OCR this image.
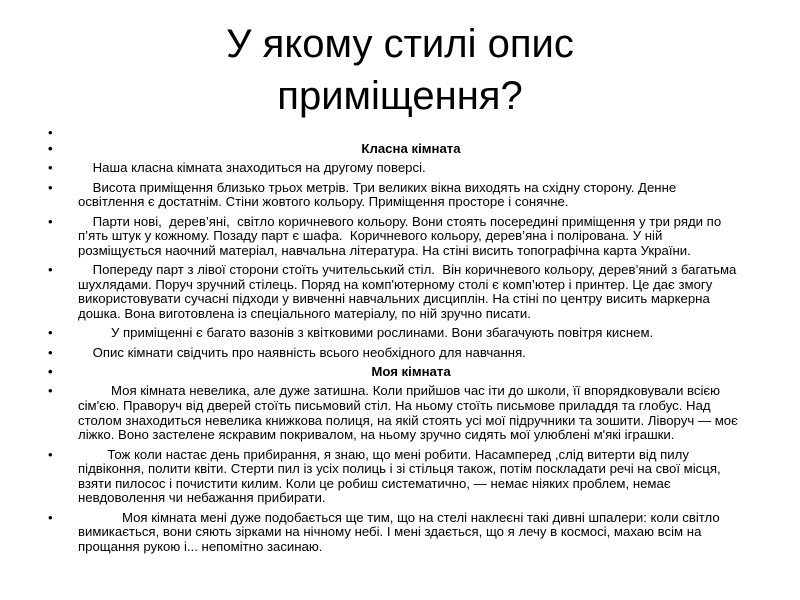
У якому стилі опис
приміщення?
•
• Класна кімната
•     Наша класна кімната знаходиться на другому поверсі.
•     Висота приміщення близько трьох метрів. Три великих вікна виходять на східну сторону. Денне освітлення є достатнім. Стіни жовтого кольору. Приміщення просторе і сонячне.
•     Парти нові,  дерев’яні,  світло коричневого кольору. Вони стоять посередині приміщення у три ряди по п’ять штук у кожному. Позаду парт є шафа.  Коричневого кольору, дерев’яна і полірована. У ній розміщується наочний матеріал, навчальна література. На стіні висить топографічна карта України.
•     Попереду парт з лівої сторони стоїть учительський стіл.  Він коричневого кольору, дерев’яний з багатьма шухлядами. Поруч зручний стілець. Поряд на комп'ютерному столі є комп’ютер і принтер. Це дає змогу використовувати сучасні підходи у вивченні навчальних дисциплін. На стіні по центру висить маркерна дошка. Вона виготовлена із спеціального матеріалу, по ній зручно писати.
•          У приміщенні є багато вазонів з квітковими рослинами. Вони збагачують повітря киснем.
•     Опис кімнати свідчить про наявність всього необхідного для навчання.
• Моя кімната
•          Моя кімната невелика, але дуже затишна. Коли прийшов час іти до школи, її впорядковували всією сім'єю. Праворуч від дверей стоїть письмовий стіл. На ньому стоїть письмове приладдя та глобус. Над столом знаходиться невелика книжкова полиця, на якій стоять усі мої підручники та зошити. Ліворуч — моє ліжко. Воно застелене яскравим покривалом, на ньому зручно сидять мої улюблені м'які іграшки.
•         Тож коли настає день прибирання, я знаю, що мені робити. Насамперед ,слід витерти від пилу підвіконня, полити квіти. Стерти пил із усіх полиць і зі стільця також, потім поскладати речі на свої місця, взяти пилосос і почистити килим. Коли це робиш систематично, — немає ніяких проблем, немає невдоволення чи небажання прибирати.
•             Моя кімната мені дуже подобається ще тим, що на стелі наклеєні такі дивні шпалери: коли світло вимикається, вони сяють зірками на нічному небі. І мені здається, що я лечу в космосі, махаю всім на прощання рукою і... непомітно засинаю.
